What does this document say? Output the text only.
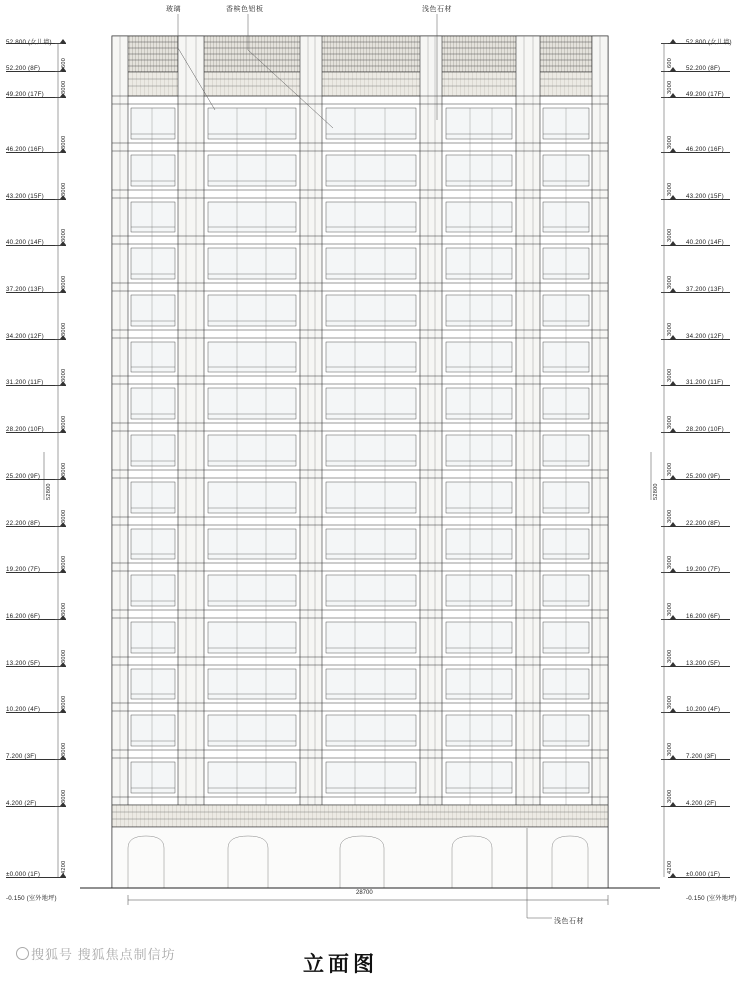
玻璃	香槟色铝板	浅色石材
浅色石材
52.800 (女儿墙)
52.200 (8F)
49.200 (17F)
46.200 (16F)
43.200 (15F)
40.200 (14F)
37.200 (13F)
34.200 (12F)
31.200 (11F)
28.200 (10F)
25.200 (9F)
22.200 (8F)
19.200 (7F)
16.200 (6F)
13.200 (5F)
10.200 (4F)
7.200 (3F)
4.200 (2F)
±0.000 (1F)
52.800 (女儿墙)
52.200 (8F)
49.200 (17F)
46.200 (16F)
43.200 (15F)
40.200 (14F)
37.200 (13F)
34.200 (12F)
31.200 (11F)
28.200 (10F)
25.200 (9F)
22.200 (8F)
19.200 (7F)
16.200 (6F)
13.200 (5F)
10.200 (4F)
7.200 (3F)
4.200 (2F)
±0.000 (1F)
600
3000
3000
3000
3000
3000
3000
3000
3000
3000
3000
3000
3000
3000
3000
3000
3000
4200
600
3000
3000
3000
3000
3000
3000
3000
3000
3000
3000
3000
3000
3000
3000
3000
3000
4200
52800	52800
28700
-0.150 (室外地坪)	-0.150 (室外地坪)
立面图
搜狐号 搜狐焦点制信坊
